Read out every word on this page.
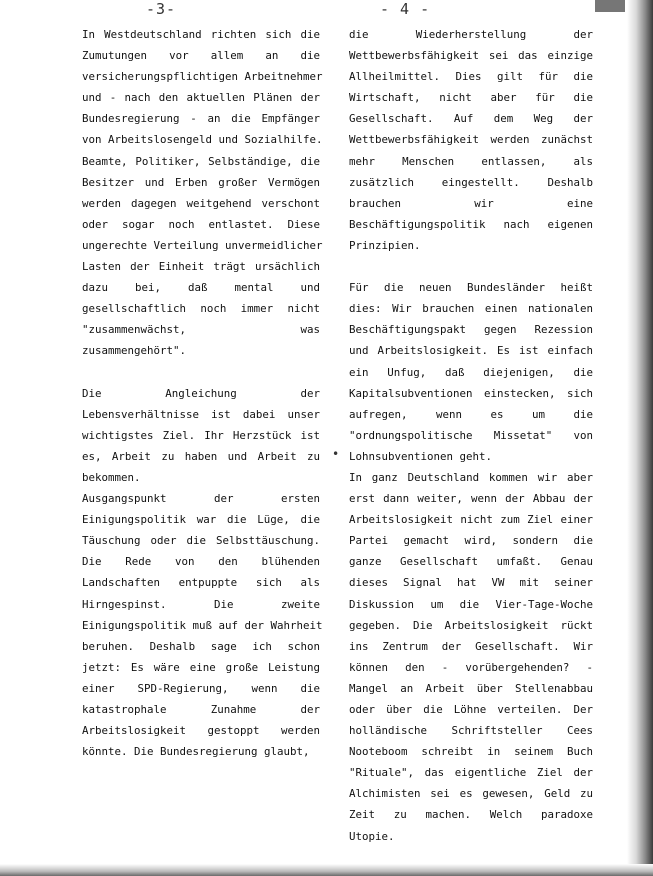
-3-	- 4 -
In Westdeutschland richten sich die
Zumutungen vor allem an die
versicherungspflichtigen Arbeitnehmer
und - nach den aktuellen Plänen der
Bundesregierung - an die Empfänger
von Arbeitslosengeld und Sozialhilfe.
Beamte, Politiker, Selbständige, die
Besitzer und Erben großer Vermögen
werden dagegen weitgehend verschont
oder sogar noch entlastet. Diese
ungerechte Verteilung unvermeidlicher
Lasten der Einheit trägt ursächlich
dazu bei, daß mental und
gesellschaftlich noch immer nicht
"zusammenwächst, was
zusammengehört".
Die Angleichung der
Lebensverhältnisse ist dabei unser
wichtigstes Ziel. Ihr Herzstück ist
es, Arbeit zu haben und Arbeit zu
bekommen.
Ausgangspunkt der ersten
Einigungspolitik war die Lüge, die
Täuschung oder die Selbsttäuschung.
Die Rede von den blühenden
Landschaften entpuppte sich als
Hirngespinst. Die zweite
Einigungspolitik muß auf der Wahrheit
beruhen. Deshalb sage ich schon
jetzt: Es wäre eine große Leistung
einer SPD-Regierung, wenn die
katastrophale Zunahme der
Arbeitslosigkeit gestoppt werden
könnte. Die Bundesregierung glaubt,
die Wiederherstellung der
Wettbewerbsfähigkeit sei das einzige
Allheilmittel. Dies gilt für die
Wirtschaft, nicht aber für die
Gesellschaft. Auf dem Weg der
Wettbewerbsfähigkeit werden zunächst
mehr Menschen entlassen, als
zusätzlich eingestellt. Deshalb
brauchen wir eine
Beschäftigungspolitik nach eigenen
Prinzipien.
Für die neuen Bundesländer heißt
dies: Wir brauchen einen nationalen
Beschäftigungspakt gegen Rezession
und Arbeitslosigkeit. Es ist einfach
ein Unfug, daß diejenigen, die
Kapitalsubventionen einstecken, sich
aufregen, wenn es um die
"ordnungspolitische Missetat" von
Lohnsubventionen geht.
In ganz Deutschland kommen wir aber
erst dann weiter, wenn der Abbau der
Arbeitslosigkeit nicht zum Ziel einer
Partei gemacht wird, sondern die
ganze Gesellschaft umfaßt. Genau
dieses Signal hat VW mit seiner
Diskussion um die Vier-Tage-Woche
gegeben. Die Arbeitslosigkeit rückt
ins Zentrum der Gesellschaft. Wir
können den - vorübergehenden? -
Mangel an Arbeit über Stellenabbau
oder über die Löhne verteilen. Der
holländische Schriftsteller Cees
Nooteboom schreibt in seinem Buch
"Rituale", das eigentliche Ziel der
Alchimisten sei es gewesen, Geld zu
Zeit zu machen. Welch paradoxe
Utopie.
•
